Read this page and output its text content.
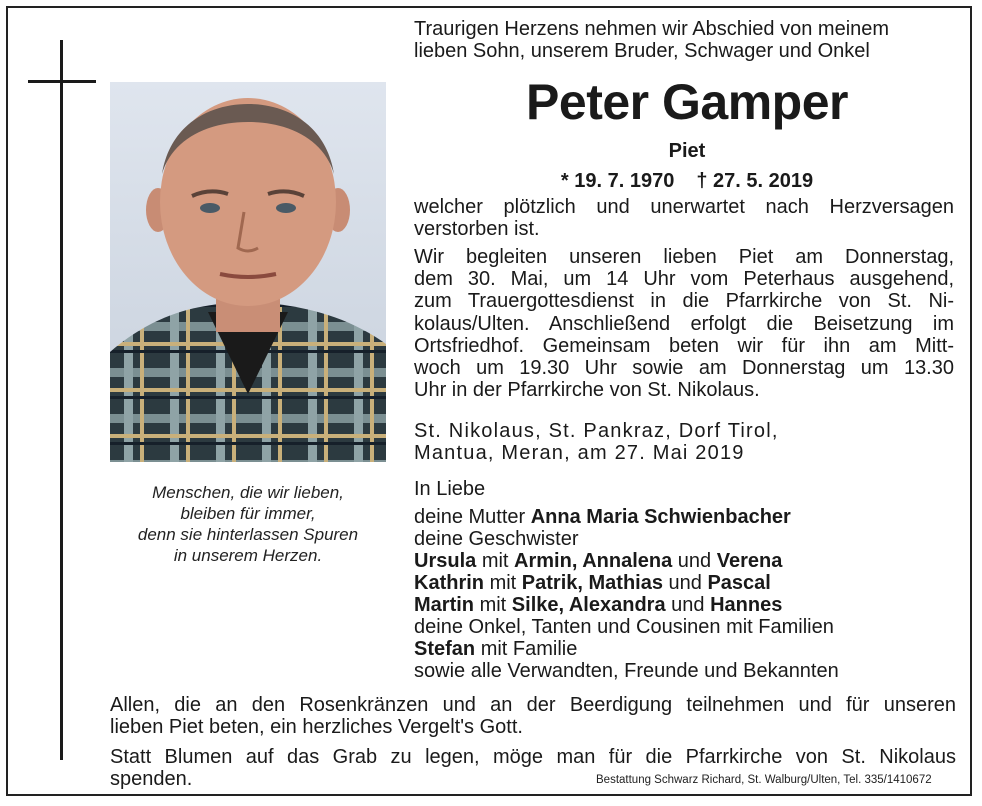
Menschen, die wir lieben,
bleiben für immer,
denn sie hinterlassen Spuren
in unserem Herzen.
Traurigen Herzens nehmen wir Abschied von meinem
lieben Sohn, unserem Bruder, Schwager und Onkel
Peter Gamper
Piet
* 19. 7. 1970 † 27. 5. 2019
welcher plötzlich und unerwartet nach Herzversagen
verstorben ist.
Wir begleiten unseren lieben Piet am Donnerstag,
dem 30. Mai, um 14 Uhr vom Peterhaus ausgehend,
zum Trauergottesdienst in die Pfarrkirche von St. Ni-
kolaus/Ulten. Anschließend erfolgt die Beisetzung im
Ortsfriedhof. Gemeinsam beten wir für ihn am Mitt-
woch um 19.30 Uhr sowie am Donnerstag um 13.30
Uhr in der Pfarrkirche von St. Nikolaus.
St. Nikolaus, St. Pankraz, Dorf Tirol,
Mantua, Meran, am 27. Mai 2019
In Liebe
deine Mutter Anna Maria Schwienbacher
deine Geschwister
Ursula mit Armin, Annalena und Verena
Kathrin mit Patrik, Mathias und Pascal
Martin mit Silke, Alexandra und Hannes
deine Onkel, Tanten und Cousinen mit Familien
Stefan mit Familie
sowie alle Verwandten, Freunde und Bekannten
Allen, die an den Rosenkränzen und an der Beerdigung teilnehmen und für unseren
lieben Piet beten, ein herzliches Vergelt's Gott.
Statt Blumen auf das Grab zu legen, möge man für die Pfarrkirche von St. Nikolaus
spenden.	Bestattung Schwarz Richard, St. Walburg/Ulten, Tel. 335/1410672
